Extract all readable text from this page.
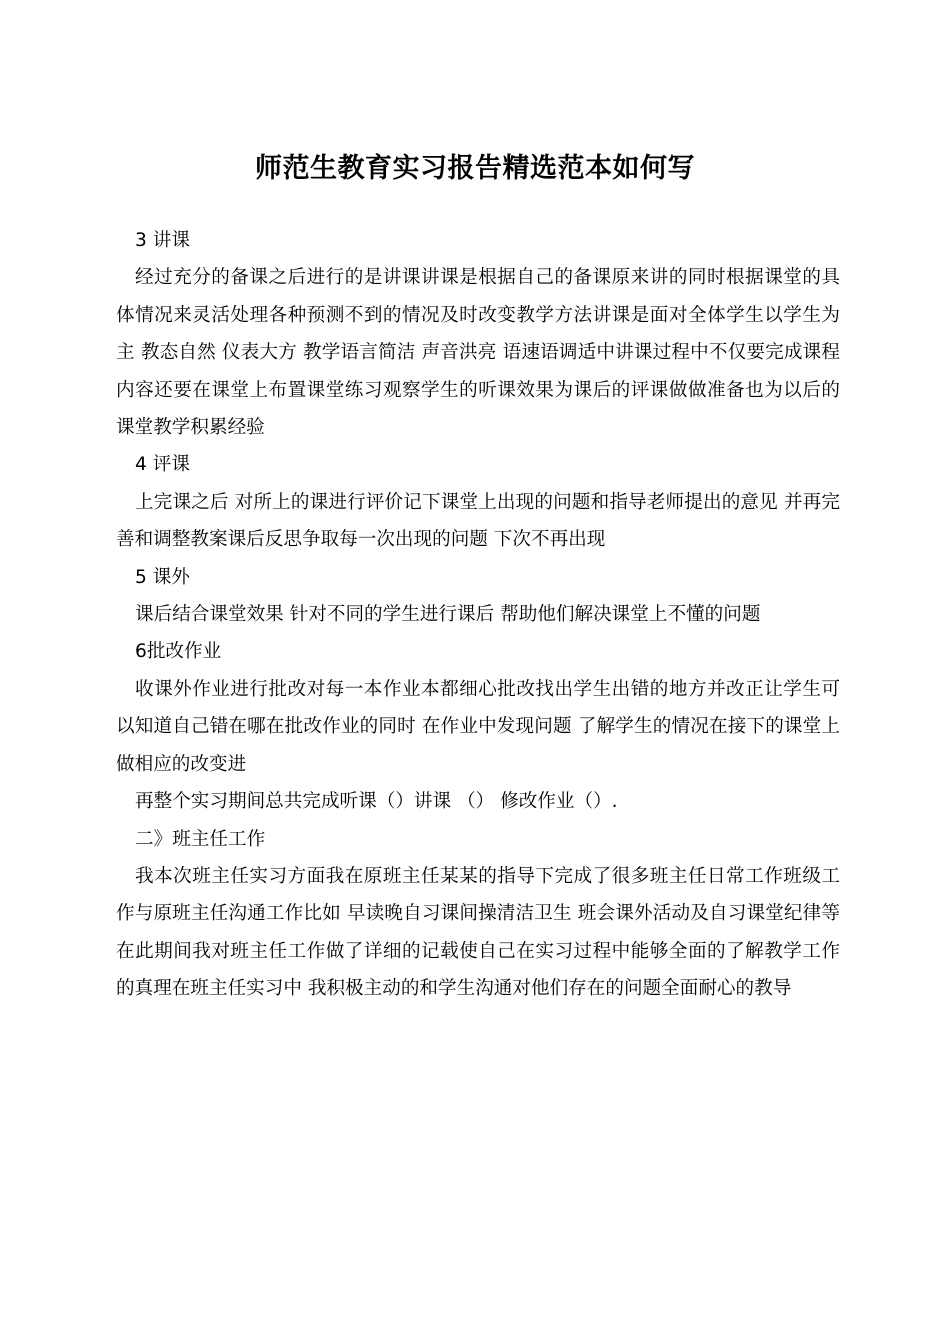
师范生教育实习报告精选范本如何写

3 讲课

经过充分的备课之后进行的是讲课讲课是根据自己的备课原来讲的同时根据课堂的具体情况来灵活处理各种预测不到的情况及时改变教学方法讲课是面对全体学生以学生为主 教态自然 仪表大方 教学语言简洁 声音洪亮 语速语调适中讲课过程中不仅要完成课程内容还要在课堂上布置课堂练习观察学生的听课效果为课后的评课做做准备也为以后的课堂教学积累经验

4 评课

上完课之后 对所上的课进行评价记下课堂上出现的问题和指导老师提出的意见 并再完善和调整教案课后反思争取每一次出现的问题 下次不再出现

5 课外

课后结合课堂效果 针对不同的学生进行课后 帮助他们解决课堂上不懂的问题

6批改作业

收课外作业进行批改对每一本作业本都细心批改找出学生出错的地方并改正让学生可以知道自己错在哪在批改作业的同时 在作业中发现问题 了解学生的情况在接下的课堂上做相应的改变进

再整个实习期间总共完成听课（）讲课 （） 修改作业（）.

二》班主任工作

我本次班主任实习方面我在原班主任某某的指导下完成了很多班主任日常工作班级工作与原班主任沟通工作比如 早读晚自习课间操清洁卫生 班会课外活动及自习课堂纪律等在此期间我对班主任工作做了详细的记载使自己在实习过程中能够全面的了解教学工作的真理在班主任实习中 我积极主动的和学生沟通对他们存在的问题全面耐心的教导
